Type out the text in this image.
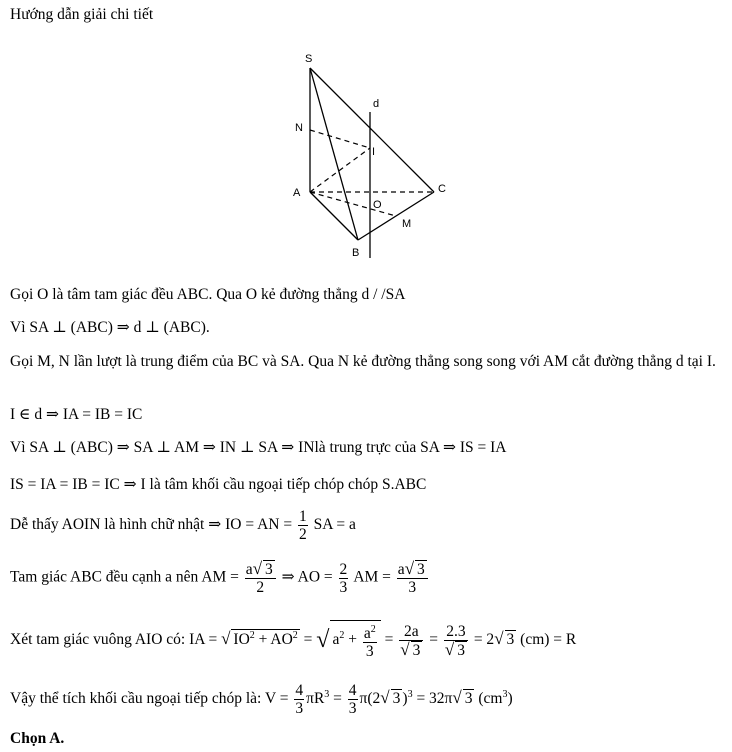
Hướng dẫn giải chi tiết
S
d
N
I
A	C
O
M
B
Gọi O là tâm tam giác đều ABC. Qua O kẻ đường thẳng d / /SA
Vì SA ⊥ (ABC) ⇒ d ⊥ (ABC).
Gọi M, N lần lượt là trung điểm của BC và SA. Qua N kẻ đường thẳng song song với AM cắt đường thẳng d tại I.
I ∈ d ⇒ IA = IB = IC
Vì SA ⊥ (ABC) ⇒ SA ⊥ AM ⇒ IN ⊥ SA ⇒ INlà trung trực của SA ⇒ IS = IA
IS = IA = IB = IC ⇒ I là tâm khối cầu ngoại tiếp chóp chóp S.ABC
Dễ thấy AOIN là hình chữ nhật ⇒ IO = AN = $\frac{1}{2}$ SA = a
Tam giác ABC đều cạnh a nên AM = $\frac{a√ 3}{2}$ ⇒ AO = $\frac{2}{3}$ AM = $\frac{a√ 3}{3}$
Xét tam giác vuông AIO có: IA = √ $IO^2 + AO^2$ = √ $a^2 + \frac{a^2}{3} = \frac{2a}{√ 3} = \frac{2.3}{√ 3} = 2√$ 3 (cm) = R
Vậy thể tích khối cầu ngoại tiếp chóp là: $V = \frac{4}{3} \pi R^3 = \frac{4}{3} \pi(2√$ 3 )$^3$ = 32π√ 3 $(cm^3)$
Chọn A.
